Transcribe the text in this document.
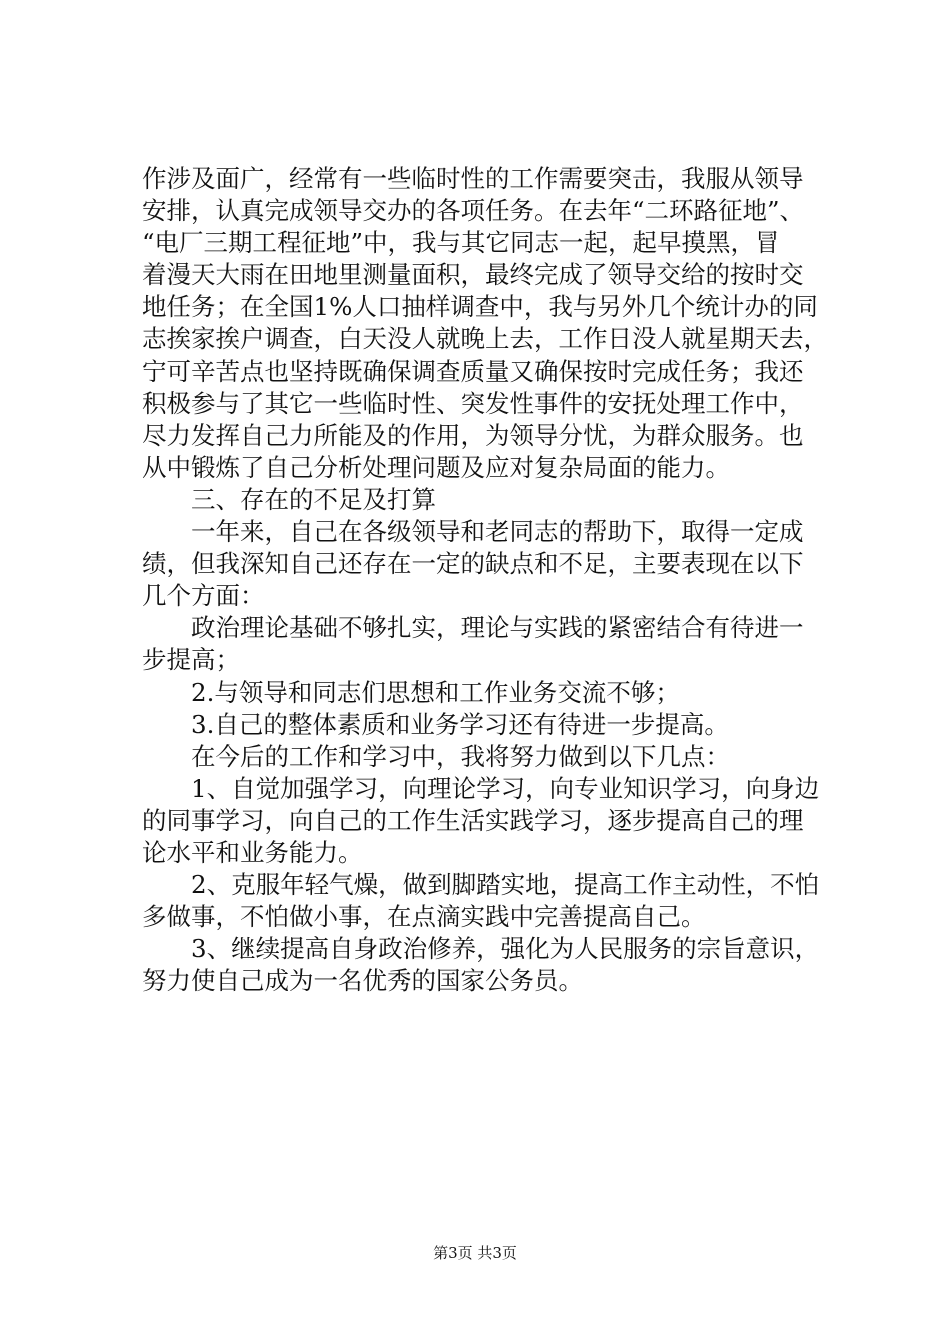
作涉及面广，经常有一些临时性的工作需要突击，我服从领导
安排，认真完成领导交办的各项任务。在去年“二环路征地”、
“电厂三期工程征地”中，我与其它同志一起，起早摸黑，冒
着漫天大雨在田地里测量面积，最终完成了领导交给的按时交
地任务；在全国1%人口抽样调查中，我与另外几个统计办的同
志挨家挨户调查，白天没人就晚上去，工作日没人就星期天去，
宁可辛苦点也坚持既确保调查质量又确保按时完成任务；我还
积极参与了其它一些临时性、突发性事件的安抚处理工作中，
尽力发挥自己力所能及的作用，为领导分忧，为群众服务。也
从中锻炼了自己分析处理问题及应对复杂局面的能力。
　　三、存在的不足及打算
　　一年来，自己在各级领导和老同志的帮助下，取得一定成
绩，但我深知自己还存在一定的缺点和不足，主要表现在以下
几个方面：
　　政治理论基础不够扎实，理论与实践的紧密结合有待进一
步提高；
　　2.与领导和同志们思想和工作业务交流不够；
　　3.自己的整体素质和业务学习还有待进一步提高。
　　在今后的工作和学习中，我将努力做到以下几点：
　　1、自觉加强学习，向理论学习，向专业知识学习，向身边
的同事学习，向自己的工作生活实践学习，逐步提高自己的理
论水平和业务能力。
　　2、克服年轻气燥，做到脚踏实地，提高工作主动性，不怕
多做事，不怕做小事，在点滴实践中完善提高自己。
　　3、继续提高自身政治修养，强化为人民服务的宗旨意识，
努力使自己成为一名优秀的国家公务员。
第3页 共3页
